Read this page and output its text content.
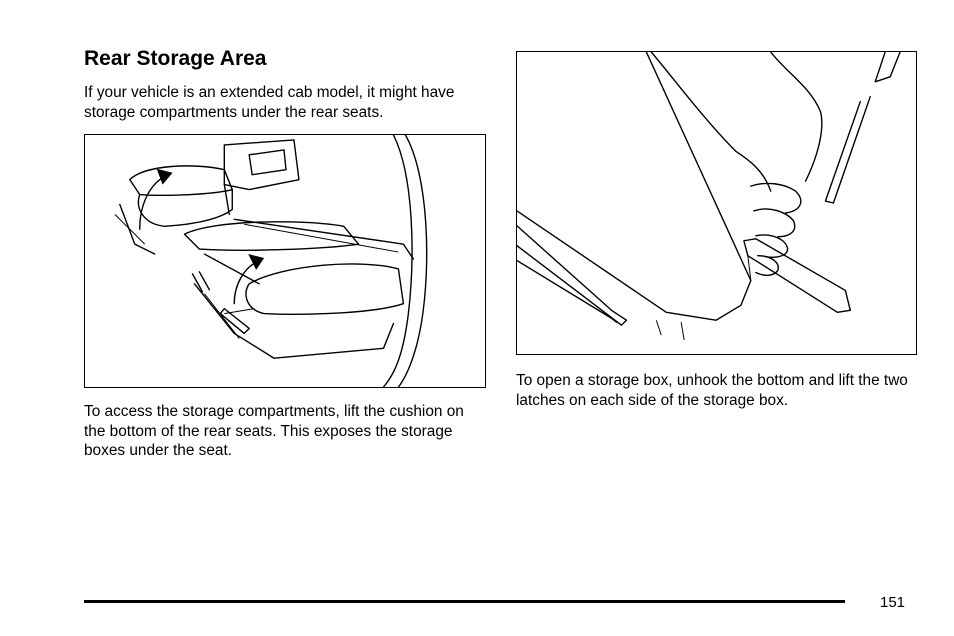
Rear Storage Area

If your vehicle is an extended cab model, it might have storage compartments under the rear seats.

To access the storage compartments, lift the cushion on the bottom of the rear seats. This exposes the storage boxes under the seat.

To open a storage box, unhook the bottom and lift the two latches on each side of the storage box.

151
